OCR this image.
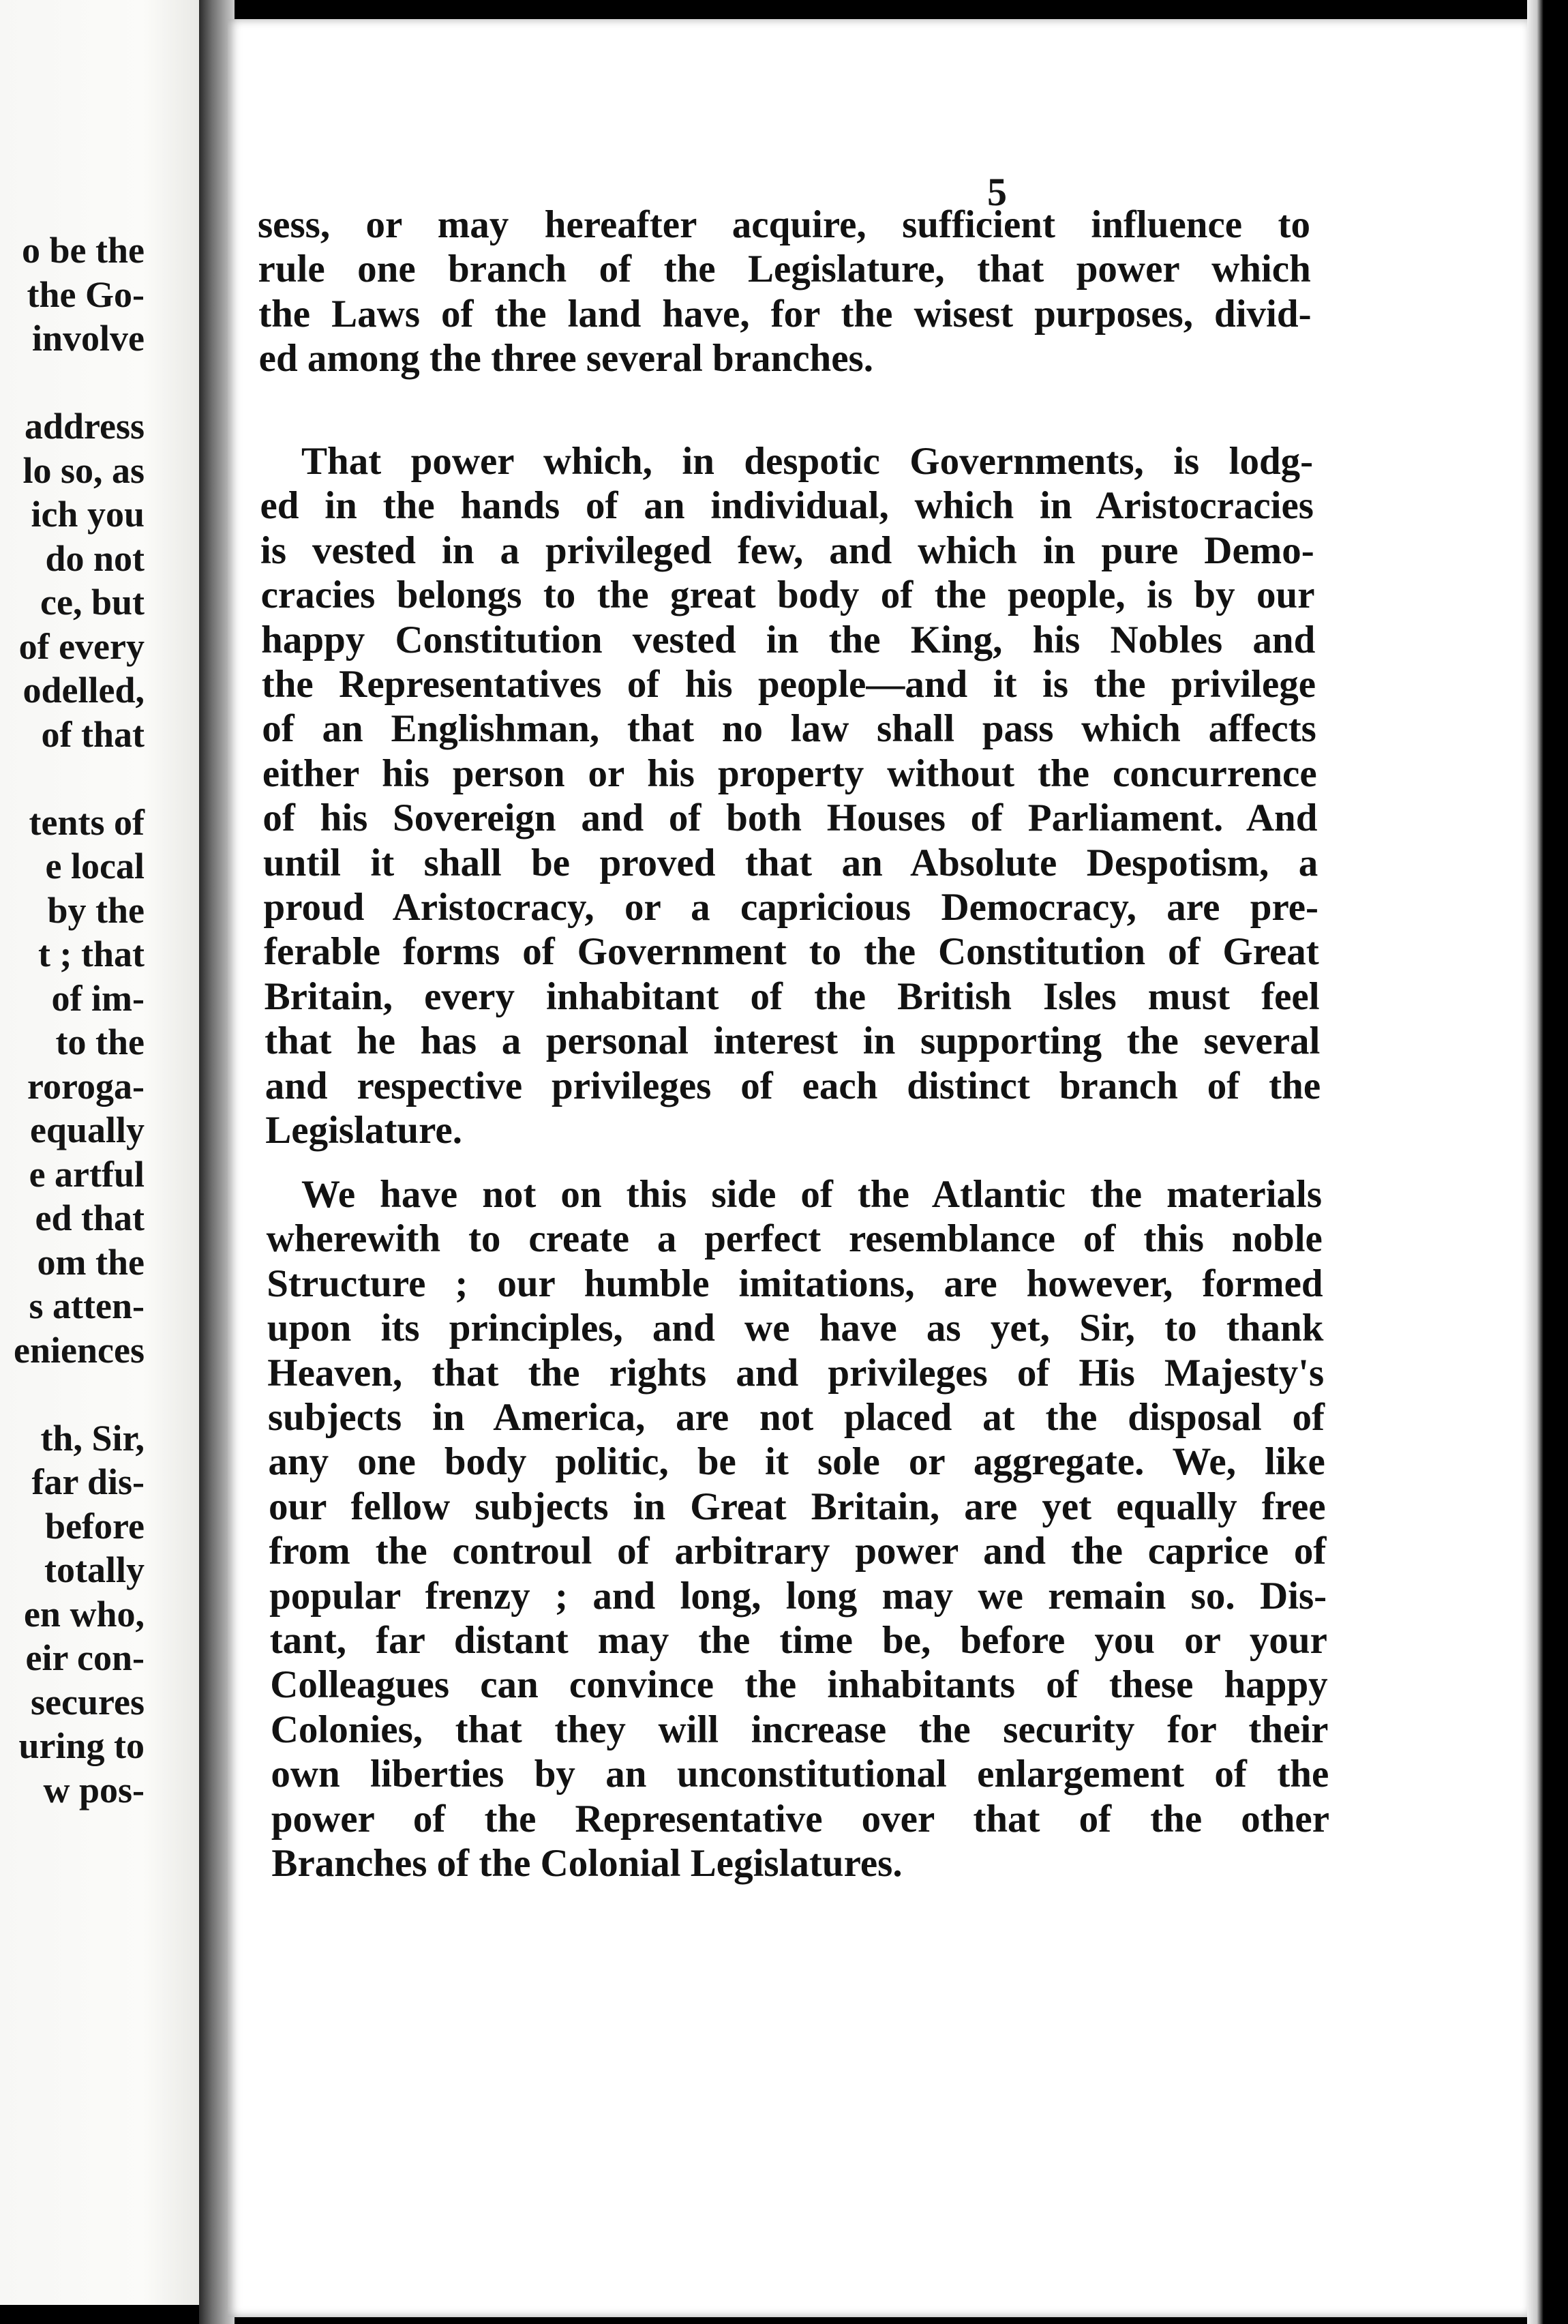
o be the
the Go-
involve
address
lo so, as
ich you
do not
ce, but
of every
odelled,
of that
tents of
e local
by the
t ; that
of im-
to the
roroga-
equally
e artful
ed that
om the
s atten-
eniences
th, Sir,
far dis-
before
totally
en who,
eir con-
secures
uring to
w pos-
5
sess, or may hereafter acquire, sufficient influence to
rule one branch of the Legislature, that power which
the Laws of the land have, for the wisest purposes, divid-
ed among the three several branches.
That power which, in despotic Governments, is lodg-
ed in the hands of an individual, which in Aristocracies
is vested in a privileged few, and which in pure Demo-
cracies belongs to the great body of the people, is by our
happy Constitution vested in the King, his Nobles and
the Representatives of his people—and it is the privilege
of an Englishman, that no law shall pass which affects
either his person or his property without the concurrence
of his Sovereign and of both Houses of Parliament. And
until it shall be proved that an Absolute Despotism, a
proud Aristocracy, or a capricious Democracy, are pre-
ferable forms of Government to the Constitution of Great
Britain, every inhabitant of the British Isles must feel
that he has a personal interest in supporting the several
and respective privileges of each distinct branch of the
Legislature.
We have not on this side of the Atlantic the materials
wherewith to create a perfect resemblance of this noble
Structure ; our humble imitations, are however, formed
upon its principles, and we have as yet, Sir, to thank
Heaven, that the rights and privileges of His Majesty's
subjects in America, are not placed at the disposal of
any one body politic, be it sole or aggregate. We, like
our fellow subjects in Great Britain, are yet equally free
from the controul of arbitrary power and the caprice of
popular frenzy ; and long, long may we remain so. Dis-
tant, far distant may the time be, before you or your
Colleagues can convince the inhabitants of these happy
Colonies, that they will increase the security for their
own liberties by an unconstitutional enlargement of the
power of the Representative over that of the other
Branches of the Colonial Legislatures.
